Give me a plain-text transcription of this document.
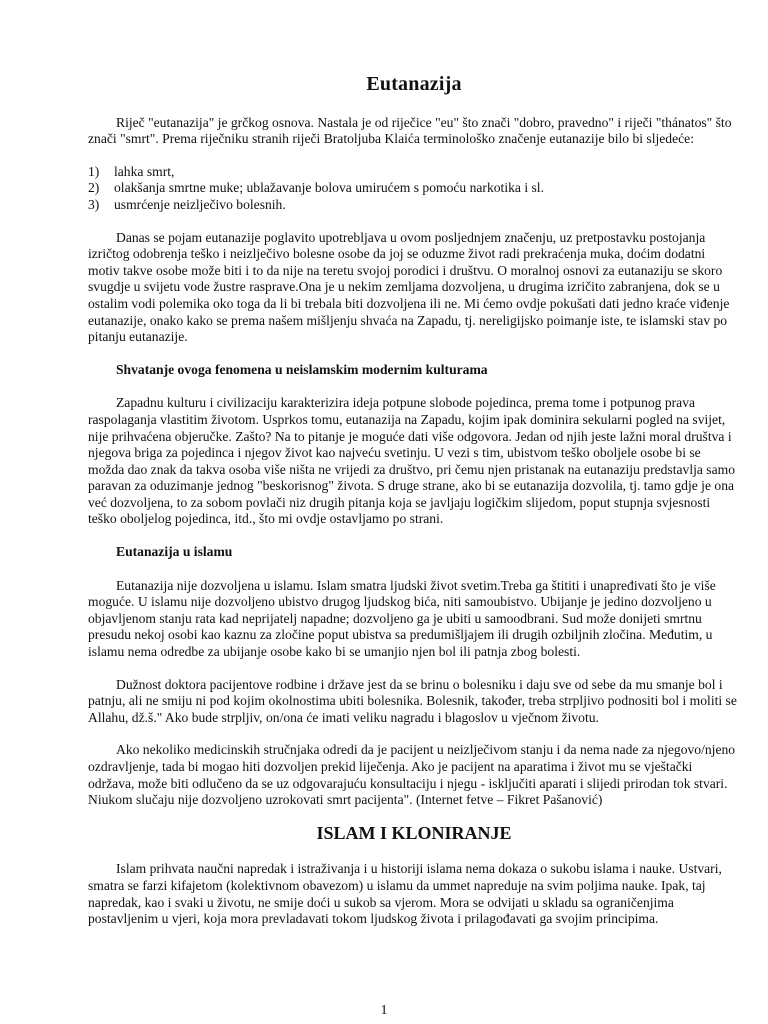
Eutanazija

Riječ "eutanazija" je grčkog osnova. Nastala je od riječice "eu" što znači "dobro, pravedno" i riječi "thánatos" što znači "smrt". Prema riječniku stranih riječi Bratoljuba Klaića terminološko značenje eutanazije bilo bi sljedeće:

1)	lahka smrt,
2)	olakšanja smrtne muke; ublažavanje bolova umirućem s pomoću narkotika i sl.
3)	usmrćenje neizlječivo bolesnih.

Danas se pojam eutanazije poglavito upotrebljava u ovom posljednjem značenju, uz pretpostavku postojanja izričtog odobrenja teško i neizlječivo bolesne osobe da joj se oduzme život radi prekraćenja muka, doćim dodatni motiv takve osobe može biti i to da nije na teretu svojoj porodici i društvu. O moralnoj osnovi za eutanaziju se skoro svugdje u svijetu vode žustre rasprave.Ona je u nekim zemljama dozvoljena, u drugima izričito zabranjena, dok se u ostalim vodi polemika oko toga da li bi trebala biti dozvoljena ili ne. Mi ćemo ovdje pokušati dati jedno kraće viđenje eutanazije, onako kako se prema našem mišljenju shvaća na Zapadu, tj. nereligijsko poimanje iste, te islamski stav po pitanju eutanazije.

Shvatanje ovoga fenomena u neislamskim modernim kulturama

Zapadnu kulturu i civilizaciju karakterizira ideja potpune slobode pojedinca, prema tome i potpunog prava raspolaganja vlastitim životom. Usprkos tomu, eutanazija na Zapadu, kojim ipak dominira sekularni pogled na svijet, nije prihvaćena objeručke. Zašto? Na to pitanje je moguće dati više odgovora. Jedan od njih jeste lažni moral društva i njegova briga za pojedinca i njegov život kao najveću svetinju. U vezi s tim, ubistvom teško oboljele osobe bi se možda dao znak da takva osoba više ništa ne vrijedi za društvo, pri čemu njen pristanak na eutanaziju predstavlja samo paravan za oduzimanje jednog "beskorisnog" života. S druge strane, ako bi se eutanazija dozvolila, tj. tamo gdje je ona već dozvoljena, to za sobom povlači niz drugih pitanja koja se javljaju logičkim slijedom, poput stupnja svjesnosti teško oboljelog pojedinca, itd., što mi ovdje ostavljamo po strani.

Eutanazija u islamu

Eutanazija nije dozvoljena u islamu. Islam smatra ljudski život svetim.Treba ga štititi i unapređivati što je više moguće. U islamu nije dozvoljeno ubistvo drugog ljudskog bića, niti samoubistvo. Ubijanje je jedino dozvoljeno u objavljenom stanju rata kad neprijatelj napadne; dozvoljeno ga je ubiti u samoodbrani. Sud može donijeti smrtnu presudu nekoj osobi kao kaznu za zločine poput ubistva sa predumišljajem ili drugih ozbiljnih zločina. Međutim, u islamu nema odredbe za ubijanje osobe kako bi se umanjio njen bol ili patnja zbog bolesti.

Dužnost doktora pacijentove rodbine i države jest da se brinu o bolesniku i daju sve od sebe da mu smanje bol i patnju, ali ne smiju ni pod kojim okolnostima ubiti bolesnika. Bolesnik, također, treba strpljivo podnositi bol i moliti se Allahu, dž.š." Ako bude strpljiv, on/ona će imati veliku nagradu i blagoslov u vječnom životu.

Ako nekoliko medicinskih stručnjaka odredi da je pacijent u neizlječivom stanju i da nema nade za njegovo/njeno ozdravljenje, tada bi mogao hiti dozvoljen prekid liječenja. Ako je pacijent na aparatima i život mu se vještački održava, može biti odlučeno da se uz odgovarajuću konsultaciju i njegu - isključiti aparati i slijedi prirodan tok stvari. Niukom slučaju nije dozvoljeno uzrokovati smrt pacijenta". (Internet fetve – Fikret Pašanović)

ISLAM I KLONIRANJE

Islam prihvata naučni napredak i istraživanja i u historiji islama nema dokaza o sukobu islama i nauke. Ustvari, smatra se farzi kifajetom (kolektivnom obavezom) u islamu da ummet napreduje na svim poljima nauke. Ipak, taj napredak, kao i svaki u životu, ne smije doći u sukob sa vjerom. Mora se odvijati u skladu sa ograničenjima postavljenim u vjeri, koja mora prevladavati tokom ljudskog života i prilagođavati ga svojim principima.

1
